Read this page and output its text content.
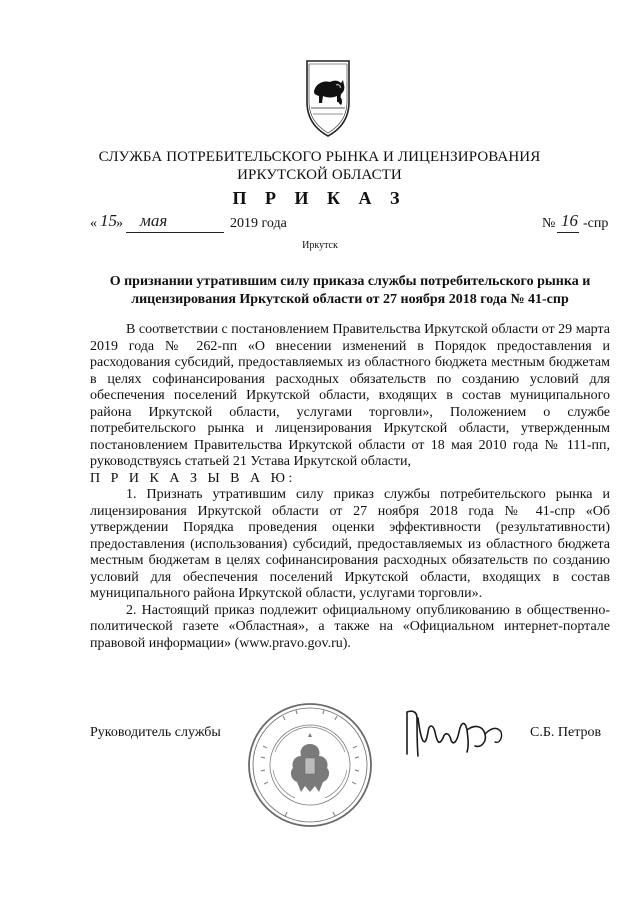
СЛУЖБА ПОТРЕБИТЕЛЬСКОГО РЫНКА И ЛИЦЕНЗИРОВАНИЯ
ИРКУТСКОЙ ОБЛАСТИ
П Р И К А З
« 15 » мая	2019 года	№ 16 -спр
Иркутск
О признании утратившим силу приказа службы потребительского рынка и лицензирования Иркутской области от 27 ноября 2018 года № 41-спр

В соответствии с постановлением Правительства Иркутской области от 29 марта 2019 года № 262-пп «О внесении изменений в Порядок предоставления и расходования субсидий, предоставляемых из областного бюджета местным бюджетам в целях софинансирования расходных обязательств по созданию условий для обеспечения поселений Иркутской области, входящих в состав муниципального района Иркутской области, услугами торговли», Положением о службе потребительского рынка и лицензирования Иркутской области, утвержденным постановлением Правительства Иркутской области от 18 мая 2010 года № 111-пп, руководствуясь статьей 21 Устава Иркутской области,

П Р И К А З Ы В А Ю:

1. Признать утратившим силу приказ службы потребительского рынка и лицензирования Иркутской области от 27 ноября 2018 года № 41-спр «Об утверждении Порядка проведения оценки эффективности (результативности) предоставления (использования) субсидий, предоставляемых из областного бюджета местным бюджетам в целях софинансирования расходных обязательств по созданию условий для обеспечения поселений Иркутской области, входящих в состав муниципального района Иркутской области, услугами торговли».

2. Настоящий приказ подлежит официальному опубликованию в общественно-политической газете «Областная», а также на «Официальном интернет-портале правовой информации» (www.pravo.gov.ru).

Руководитель службы	С.Б. Петров
